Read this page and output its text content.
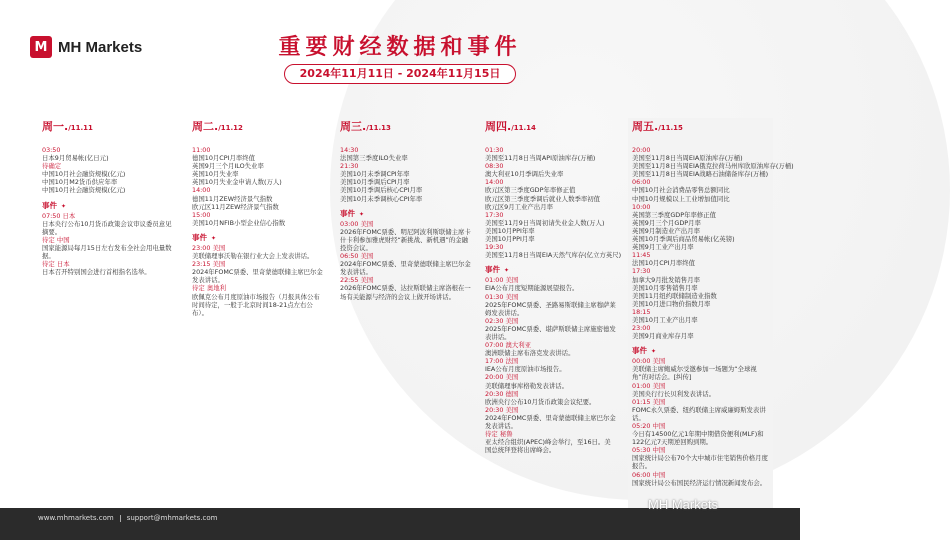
M MH Markets	重要财经数据和事件
2024年11月11日 - 2024年11月15日
周一./11.11
03:50
日本9月贸易帐(亿日元)
待确定
中国10月社会融资规模(亿元)
中国10月M2货币供应年率
中国10月社会融资规模(亿元)
事件 ✦
07:50 日本
日本央行公布10月货币政策会议审议委员意见摘要。
待定 中国
国家能源局每月15日左右发布全社会用电量数据。
待定 日本
日本召开特别国会进行首相指名选举。
周二./11.12
11:00
德国10月CPI月率终值
英国9月三个月ILO失业率
英国10月失业率
英国10月失业金申请人数(万人)
14:00
德国11月ZEW经济景气指数
欧元区11月ZEW经济景气指数
15:00
美国10月NFIB小型企业信心指数
事件 ✦
23:00 美国
美联储理事沃勒在银行业大会上发表讲话。
23:15 美国
2024年FOMC票委、里奇蒙德联储主席巴尔金发表讲话。
待定 奥地利
欧佩克公布月度原油市场报告（月报具体公布时间待定，一般于北京时间18-21点左右公布）。
周三./11.13
14:30
法国第三季度ILO失业率
21:30
美国10月未季调CPI年率
美国10月季调后CPI月率
美国10月季调后核心CPI月率
美国10月未季调核心CPI年率
事件 ✦
03:00 美国
2026年FOMC票委、明尼阿波利斯联储主席卡什卡利参加雅虎财经“新挑战、新机遇”的金融投资会议。
06:50 美国
2024年FOMC票委、里奇蒙德联储主席巴尔金发表讲话。
22:55 美国
2026年FOMC票委、达拉斯联储主席洛根在一场有关能源与经济的会议上做开场讲话。
周四./11.14
01:30
美国至11月8日当周API原油库存(万桶)
08:30
澳大利亚10月季调后失业率
14:00
欧元区第三季度GDP年率修正值
欧元区第三季度季调后就业人数季率初值
欧元区9月工业产出月率
17:30
美国至11月9日当周初请失业金人数(万人)
美国10月PPI年率
美国10月PPI月率
19:30
美国至11月8日当周EIA天然气库存(亿立方英尺)
事件 ✦
01:00 美国
EIA公布月度短期能源展望报告。
01:30 美国
2025年FOMC票委、圣路易斯联储主席穆萨莱姆发表讲话。
02:30 美国
2025年FOMC票委、堪萨斯联储主席施密德发表讲话。
07:00 澳大利亚
澳洲联储主席布洛克发表讲话。
17:00 法国
IEA公布月度原油市场报告。
20:00 美国
美联储理事库格勒发表讲话。
20:30 德国
欧洲央行公布10月货币政策会议纪要。
20:30 美国
2024年FOMC票委、里奇蒙德联储主席巴尔金发表讲话。
待定 秘鲁
亚太经合组织(APEC)峰会举行，至16日。美国总统拜登将出席峰会。
周五./11.15
20:00
美国至11月8日当周EIA原油库存(万桶)
美国至11月8日当周EIA俄克拉荷马州库欣原油库存(万桶)
美国至11月8日当周EIA战略石油储备库存(万桶)
06:00
中国10月社会消费品零售总额同比
中国10月规模以上工业增加值同比
10:00
英国第三季度GDP年率修正值
英国9月三个月GDP月率
英国9月制造业产出月率
英国10月季调后商品贸易帐(亿英镑)
英国9月工业产出月率
11:45
法国10月CPI月率终值
17:30
加拿大9月批发销售月率
美国10月零售销售月率
美国11月纽约联储制造业指数
美国10月进口物价指数月率
18:15
美国10月工业产出月率
23:00
美国9月商业库存月率
事件 ✦
00:00 美国
美联储主席鲍威尔受邀参加一场题为“全球视角”的对话会。[纠传]
01:00 美国
美国央行行长贝利发表讲话。
01:15 美国
FOMC永久票委、纽约联储主席威廉姆斯发表讲话。
05:20 中国
今日有14500亿元1年期中期借贷便利(MLF)和122亿元7天期逆回购到期。
05:30 中国
国家统计局公布70个大中城市住宅销售价格月度报告。
06:00 中国
国家统计局公布国民经济运行情况新闻发布会。
www.mhmarkets.com support@mhmarkets.com
MH Markets
